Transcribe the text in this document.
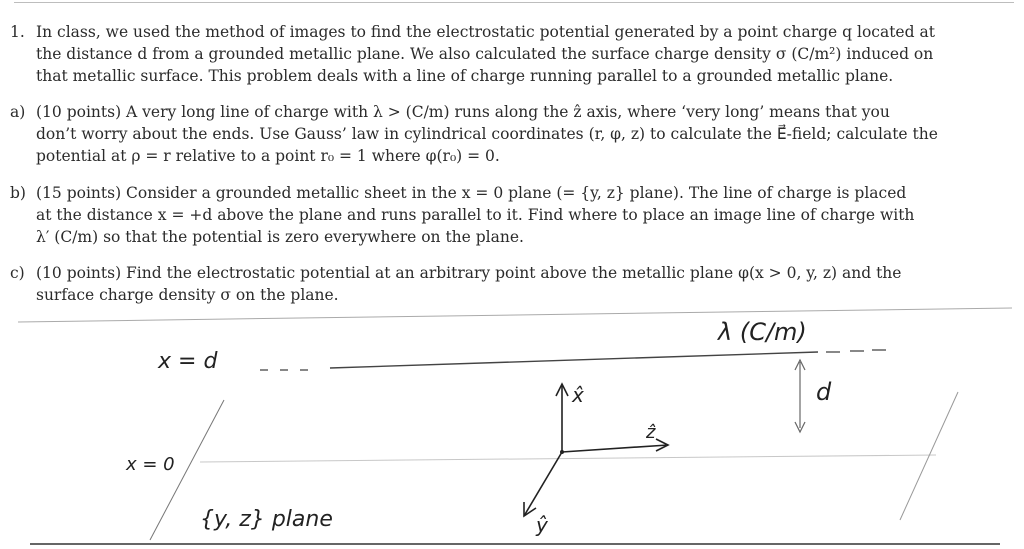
1. In class, we used the method of images to find the electrostatic potential generated by a point charge q located at
the distance d from a grounded metallic plane. We also calculated the surface charge density σ (C/m²) induced on
that metallic surface. This problem deals with a line of charge running parallel to a grounded metallic plane.
a) (10 points) A very long line of charge with λ > (C/m) runs along the ẑ axis, where ‘very long’ means that you
don’t worry about the ends. Use Gauss’ law in cylindrical coordinates (r, φ, z) to calculate the E⃗-field; calculate the
potential at ρ = r relative to a point r₀ = 1 where φ(r₀) = 0.
b) (15 points) Consider a grounded metallic sheet in the x = 0 plane (= {y, z} plane). The line of charge is placed
at the distance x = +d above the plane and runs parallel to it. Find where to place an image line of charge with
λ′ (C/m) so that the potential is zero everywhere on the plane.
c) (10 points) Find the electrostatic potential at an arbitrary point above the metallic plane φ(x > 0, y, z) and the
surface charge density σ on the plane.
λ (C/m)
x = d
x = 0
{y, z} plane
d
x̂
ẑ
ŷ
